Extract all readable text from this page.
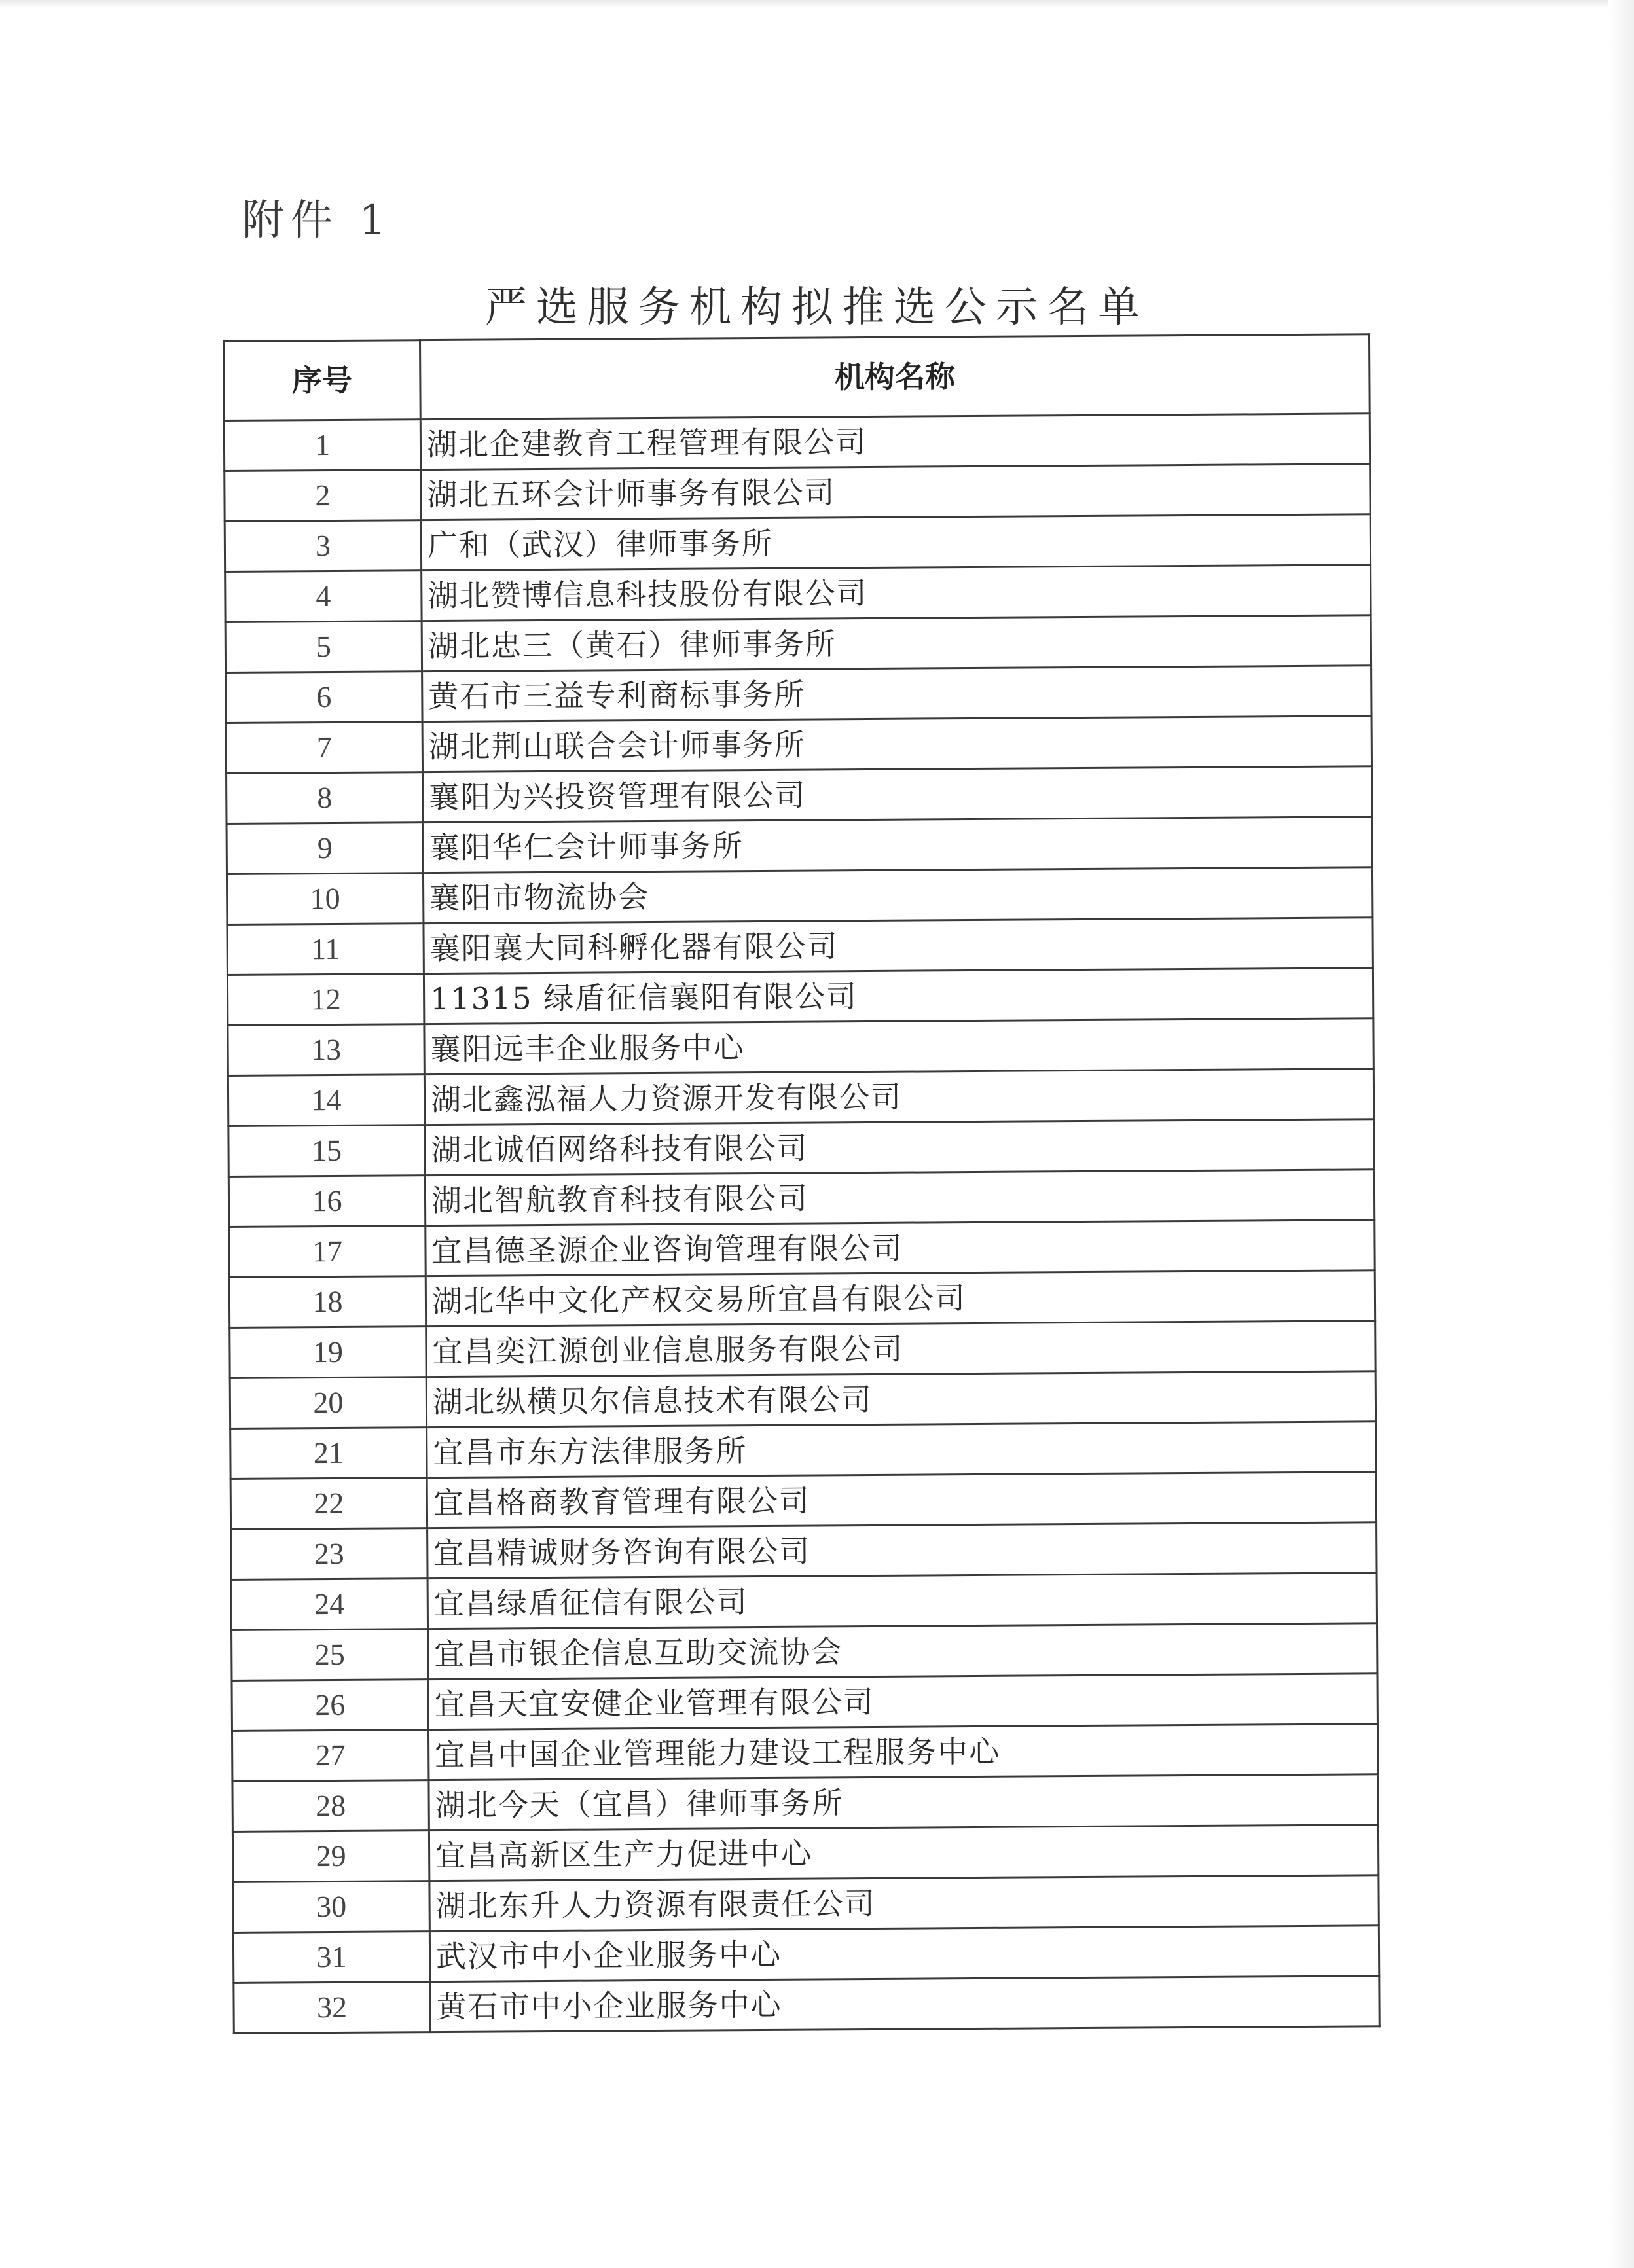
附件 1
严选服务机构拟推选公示名单
序号	机构名称
1	湖北企建教育工程管理有限公司
2	湖北五环会计师事务有限公司
3	广和（武汉）律师事务所
4	湖北赞博信息科技股份有限公司
5	湖北忠三（黄石）律师事务所
6	黄石市三益专利商标事务所
7	湖北荆山联合会计师事务所
8	襄阳为兴投资管理有限公司
9	襄阳华仁会计师事务所
10	襄阳市物流协会
11	襄阳襄大同科孵化器有限公司
12	11315 绿盾征信襄阳有限公司
13	襄阳远丰企业服务中心
14	湖北鑫泓福人力资源开发有限公司
15	湖北诚佰网络科技有限公司
16	湖北智航教育科技有限公司
17	宜昌德圣源企业咨询管理有限公司
18	湖北华中文化产权交易所宜昌有限公司
19	宜昌奕江源创业信息服务有限公司
20	湖北纵横贝尔信息技术有限公司
21	宜昌市东方法律服务所
22	宜昌格商教育管理有限公司
23	宜昌精诚财务咨询有限公司
24	宜昌绿盾征信有限公司
25	宜昌市银企信息互助交流协会
26	宜昌天宜安健企业管理有限公司
27	宜昌中国企业管理能力建设工程服务中心
28	湖北今天（宜昌）律师事务所
29	宜昌高新区生产力促进中心
30	湖北东升人力资源有限责任公司
31	武汉市中小企业服务中心
32	黄石市中小企业服务中心
